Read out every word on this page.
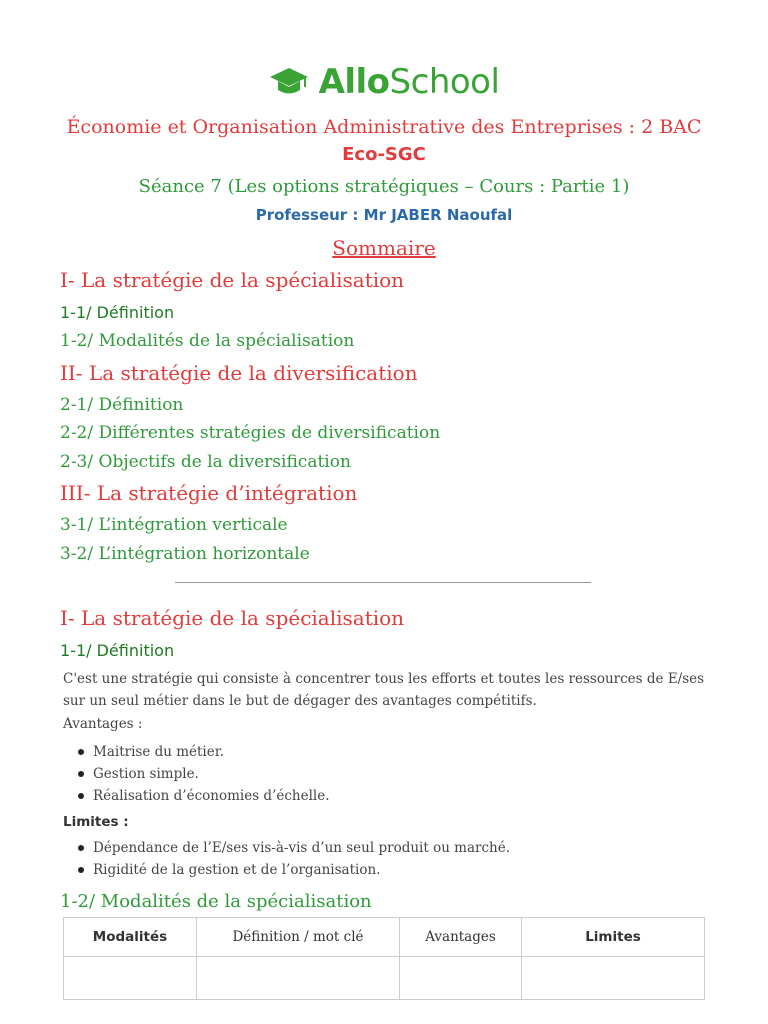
AlloSchool
Économie et Organisation Administrative des Entreprises : 2 BAC
Eco-SGC
Séance 7 (Les options stratégiques – Cours : Partie 1)
Professeur : Mr JABER Naoufal
Sommaire
I- La stratégie de la spécialisation
1-1/ Définition
1-2/ Modalités de la spécialisation
II- La stratégie de la diversification
2-1/ Définition
2-2/ Différentes stratégies de diversification
2-3/ Objectifs de la diversification
III- La stratégie d’intégration
3-1/ L’intégration verticale
3-2/ L’intégration horizontale
I- La stratégie de la spécialisation
1-1/ Définition
C'est une stratégie qui consiste à concentrer tous les efforts et toutes les ressources de E/ses
sur un seul métier dans le but de dégager des avantages compétitifs.
Avantages :
Maitrise du métier.
Gestion simple.
Réalisation d’économies d’échelle.
Limites :
Dépendance de l’E/ses vis-à-vis d’un seul produit ou marché.
Rigidité de la gestion et de l’organisation.
1-2/ Modalités de la spécialisation
Modalités	Définition / mot clé	Avantages	Limites
